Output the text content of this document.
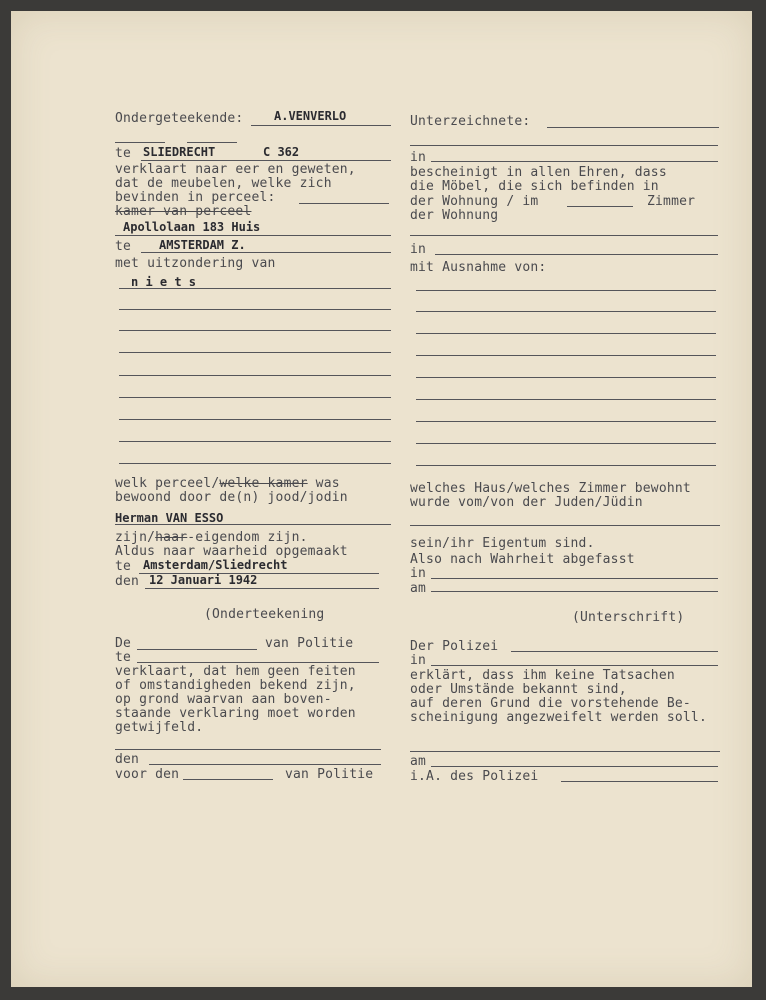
Ondergeteekende:	A.VENVERLO
te SLIEDRECHT	C 362
verklaart naar eer en geweten,
dat de meubelen, welke zich
bevinden in perceel:
kamer van perceel
Apollolaan 183 Huis
te AMSTERDAM Z.
met uitzondering van
n i e t s
welk perceel/welke kamer was
bewoond door de(n) jood/jodin
Herman VAN ESSO
zijn/haar-eigendom zijn.
Aldus naar waarheid opgemaakt
te Amsterdam/Sliedrecht
den 12 Januari 1942
(Onderteekening
De	van Politie
te
verklaart, dat hem geen feiten
of omstandigheden bekend zijn,
op grond waarvan aan boven-
staande verklaring moet worden
getwijfeld.
den
voor den	van Politie
Unterzeichnete:
in
bescheinigt in allen Ehren, dass
die Möbel, die sich befinden in
der Wohnung / im	Zimmer
der Wohnung
in
mit Ausnahme von:
welches Haus/welches Zimmer bewohnt
wurde vom/von der Juden/Jüdin
sein/ihr Eigentum sind.
Also nach Wahrheit abgefasst
in
am
(Unterschrift)
Der Polizei
in
erklärt, dass ihm keine Tatsachen
oder Umstände bekannt sind,
auf deren Grund die vorstehende Be-
scheinigung angezweifelt werden soll.
am
i.A. des Polizei
